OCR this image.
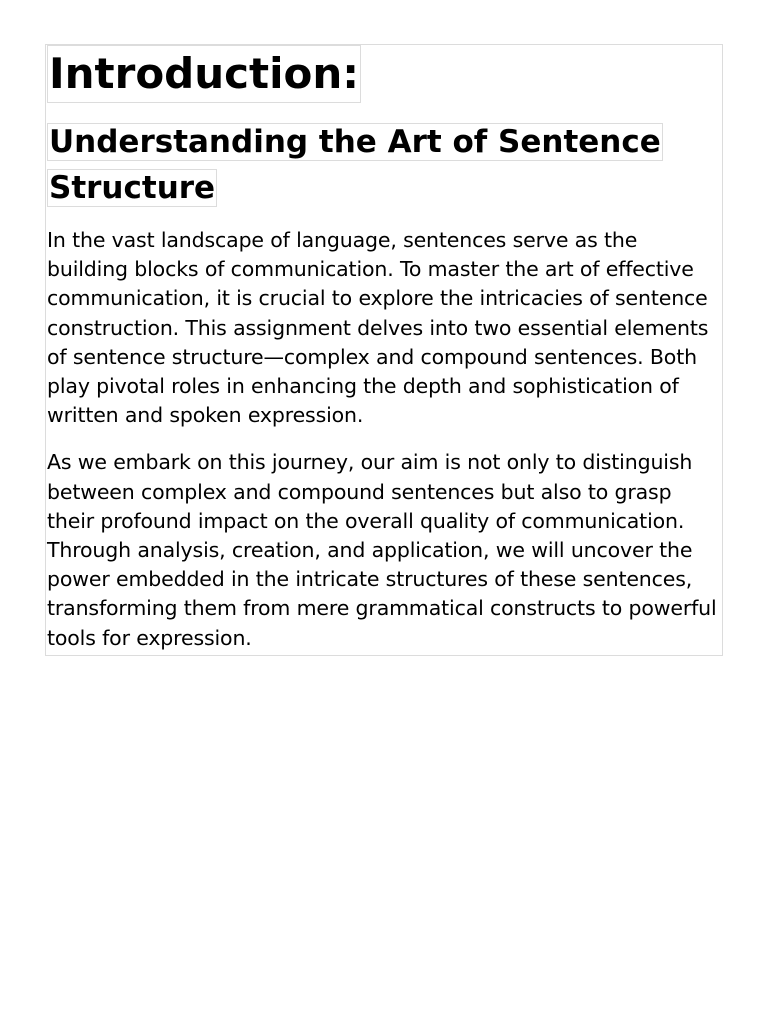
Introduction:
Understanding the Art of Sentence Structure

In the vast landscape of language, sentences serve as the building blocks of communication. To master the art of effective communication, it is crucial to explore the intricacies of sentence construction. This assignment delves into two essential elements of sentence structure—complex and compound sentences. Both play pivotal roles in enhancing the depth and sophistication of written and spoken expression.

As we embark on this journey, our aim is not only to distinguish between complex and compound sentences but also to grasp their profound impact on the overall quality of communication. Through analysis, creation, and application, we will uncover the power embedded in the intricate structures of these sentences, transforming them from mere grammatical constructs to powerful tools for expression.
